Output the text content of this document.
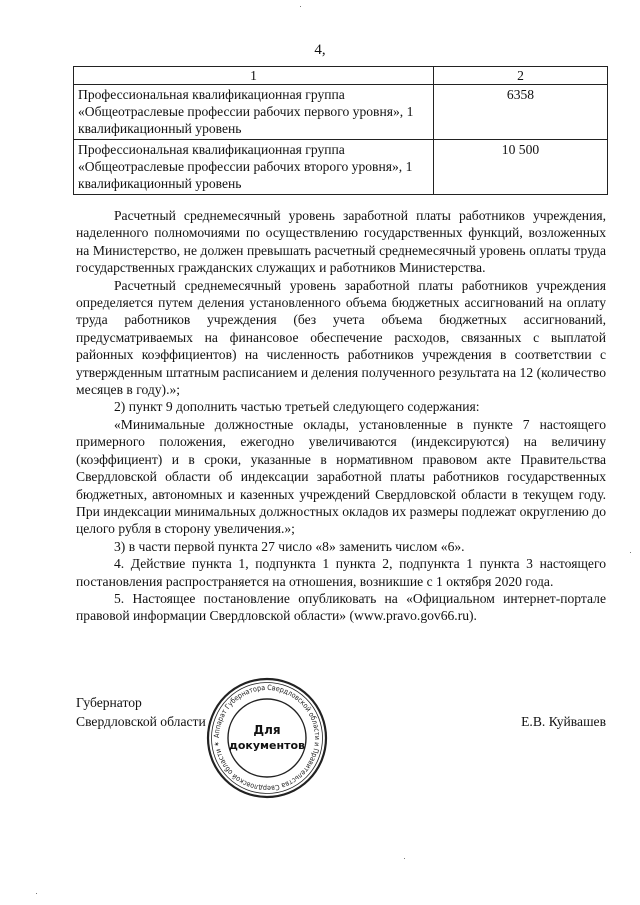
4,
1	2
Профессиональная квалификационная группа «Общеотраслевые профессии рабочих первого уровня», 1 квалификационный уровень	6358
Профессиональная квалификационная группа «Общеотраслевые профессии рабочих второго уровня», 1 квалификационный уровень	10 500

Расчетный среднемесячный уровень заработной платы работников учреждения, наделенного полномочиями по осуществлению государственных функций, возложенных на Министерство, не должен превышать расчетный среднемесячный уровень оплаты труда государственных гражданских служащих и работников Министерства.

Расчетный среднемесячный уровень заработной платы работников учреждения определяется путем деления установленного объема бюджетных ассигнований на оплату труда работников учреждения (без учета объема бюджетных ассигнований, предусматриваемых на финансовое обеспечение расходов, связанных с выплатой районных коэффициентов) на численность работников учреждения в соответствии с утвержденным штатным расписанием и деления полученного результата на 12 (количество месяцев в году).»;

2) пункт 9 дополнить частью третьей следующего содержания:

«Минимальные должностные оклады, установленные в пункте 7 настоящего примерного положения, ежегодно увеличиваются (индексируются) на величину (коэффициент) и в сроки, указанные в нормативном правовом акте Правительства Свердловской области об индексации заработной платы работников государственных бюджетных, автономных и казенных учреждений Свердловской области в текущем году. При индексации минимальных должностных окладов их размеры подлежат округлению до целого рубля в сторону увеличения.»;

3) в части первой пункта 27 число «8» заменить числом «6».

4. Действие пункта 1, подпункта 1 пункта 2, подпункта 1 пункта 3 настоящего постановления распространяется на отношения, возникшие с 1 октября 2020 года.

5. Настоящее постановление опубликовать на «Официальном интернет-портале правовой информации Свердловской области» (www.pravo.gov66.ru).

Губернатор
Свердловской области	Е.В. Куйвашев
Аппарат Губернатора Свердловской области и Правительства Свердловской области ✶
Для
документов
